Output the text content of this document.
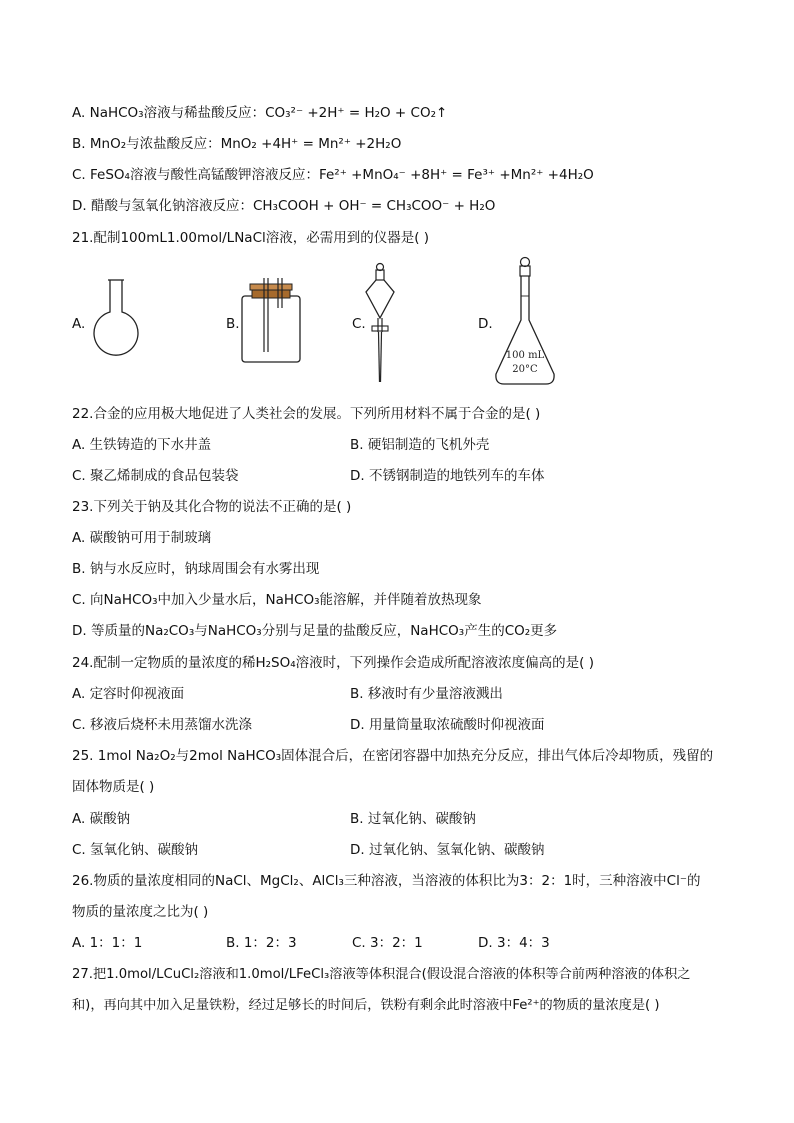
A. NaHCO₃溶液与稀盐酸反应：CO₃²⁻ +2H⁺ = H₂O + CO₂↑
B. MnO₂与浓盐酸反应：MnO₂ +4H⁺ = Mn²⁺ +2H₂O
C. FeSO₄溶液与酸性高锰酸钾溶液反应：Fe²⁺ +MnO₄⁻ +8H⁺ = Fe³⁺ +Mn²⁺ +4H₂O
D. 醋酸与氢氧化钠溶液反应：CH₃COOH + OH⁻ = CH₃COO⁻ + H₂O
21.配制100mL1.00mol/LNaCl溶液，必需用到的仪器是( )
A.	B.	C.	D.
100 mL
20°C
22.合金的应用极大地促进了人类社会的发展。下列所用材料不属于合金的是( )
A. 生铁铸造的下水井盖	B. 硬铝制造的飞机外壳
C. 聚乙烯制成的食品包装袋	D. 不锈钢制造的地铁列车的车体
23.下列关于钠及其化合物的说法不正确的是( )
A. 碳酸钠可用于制玻璃
B. 钠与水反应时，钠球周围会有水雾出现
C. 向NaHCO₃中加入少量水后，NaHCO₃能溶解，并伴随着放热现象
D. 等质量的Na₂CO₃与NaHCO₃分别与足量的盐酸反应，NaHCO₃产生的CO₂更多
24.配制一定物质的量浓度的稀H₂SO₄溶液时，下列操作会造成所配溶液浓度偏高的是( )
A. 定容时仰视液面	B. 移液时有少量溶液溅出
C. 移液后烧杯未用蒸馏水洗涤	D. 用量筒量取浓硫酸时仰视液面
25. 1mol Na₂O₂与2mol NaHCO₃固体混合后，在密闭容器中加热充分反应，排出气体后冷却物质，残留的
固体物质是( )
A. 碳酸钠	B. 过氧化钠、碳酸钠
C. 氢氧化钠、碳酸钠	D. 过氧化钠、氢氧化钠、碳酸钠
26.物质的量浓度相同的NaCl、MgCl₂、AlCl₃三种溶液，当溶液的体积比为3：2：1时，三种溶液中Cl⁻的
物质的量浓度之比为( )
A. 1：1：1	B. 1：2：3	C. 3：2：1	D. 3：4：3
27.把1.0mol/LCuCl₂溶液和1.0mol/LFeCl₃溶液等体积混合(假设混合溶液的体积等合前两种溶液的体积之
和)，再向其中加入足量铁粉，经过足够长的时间后，铁粉有剩余此时溶液中Fe²⁺的物质的量浓度是( )
